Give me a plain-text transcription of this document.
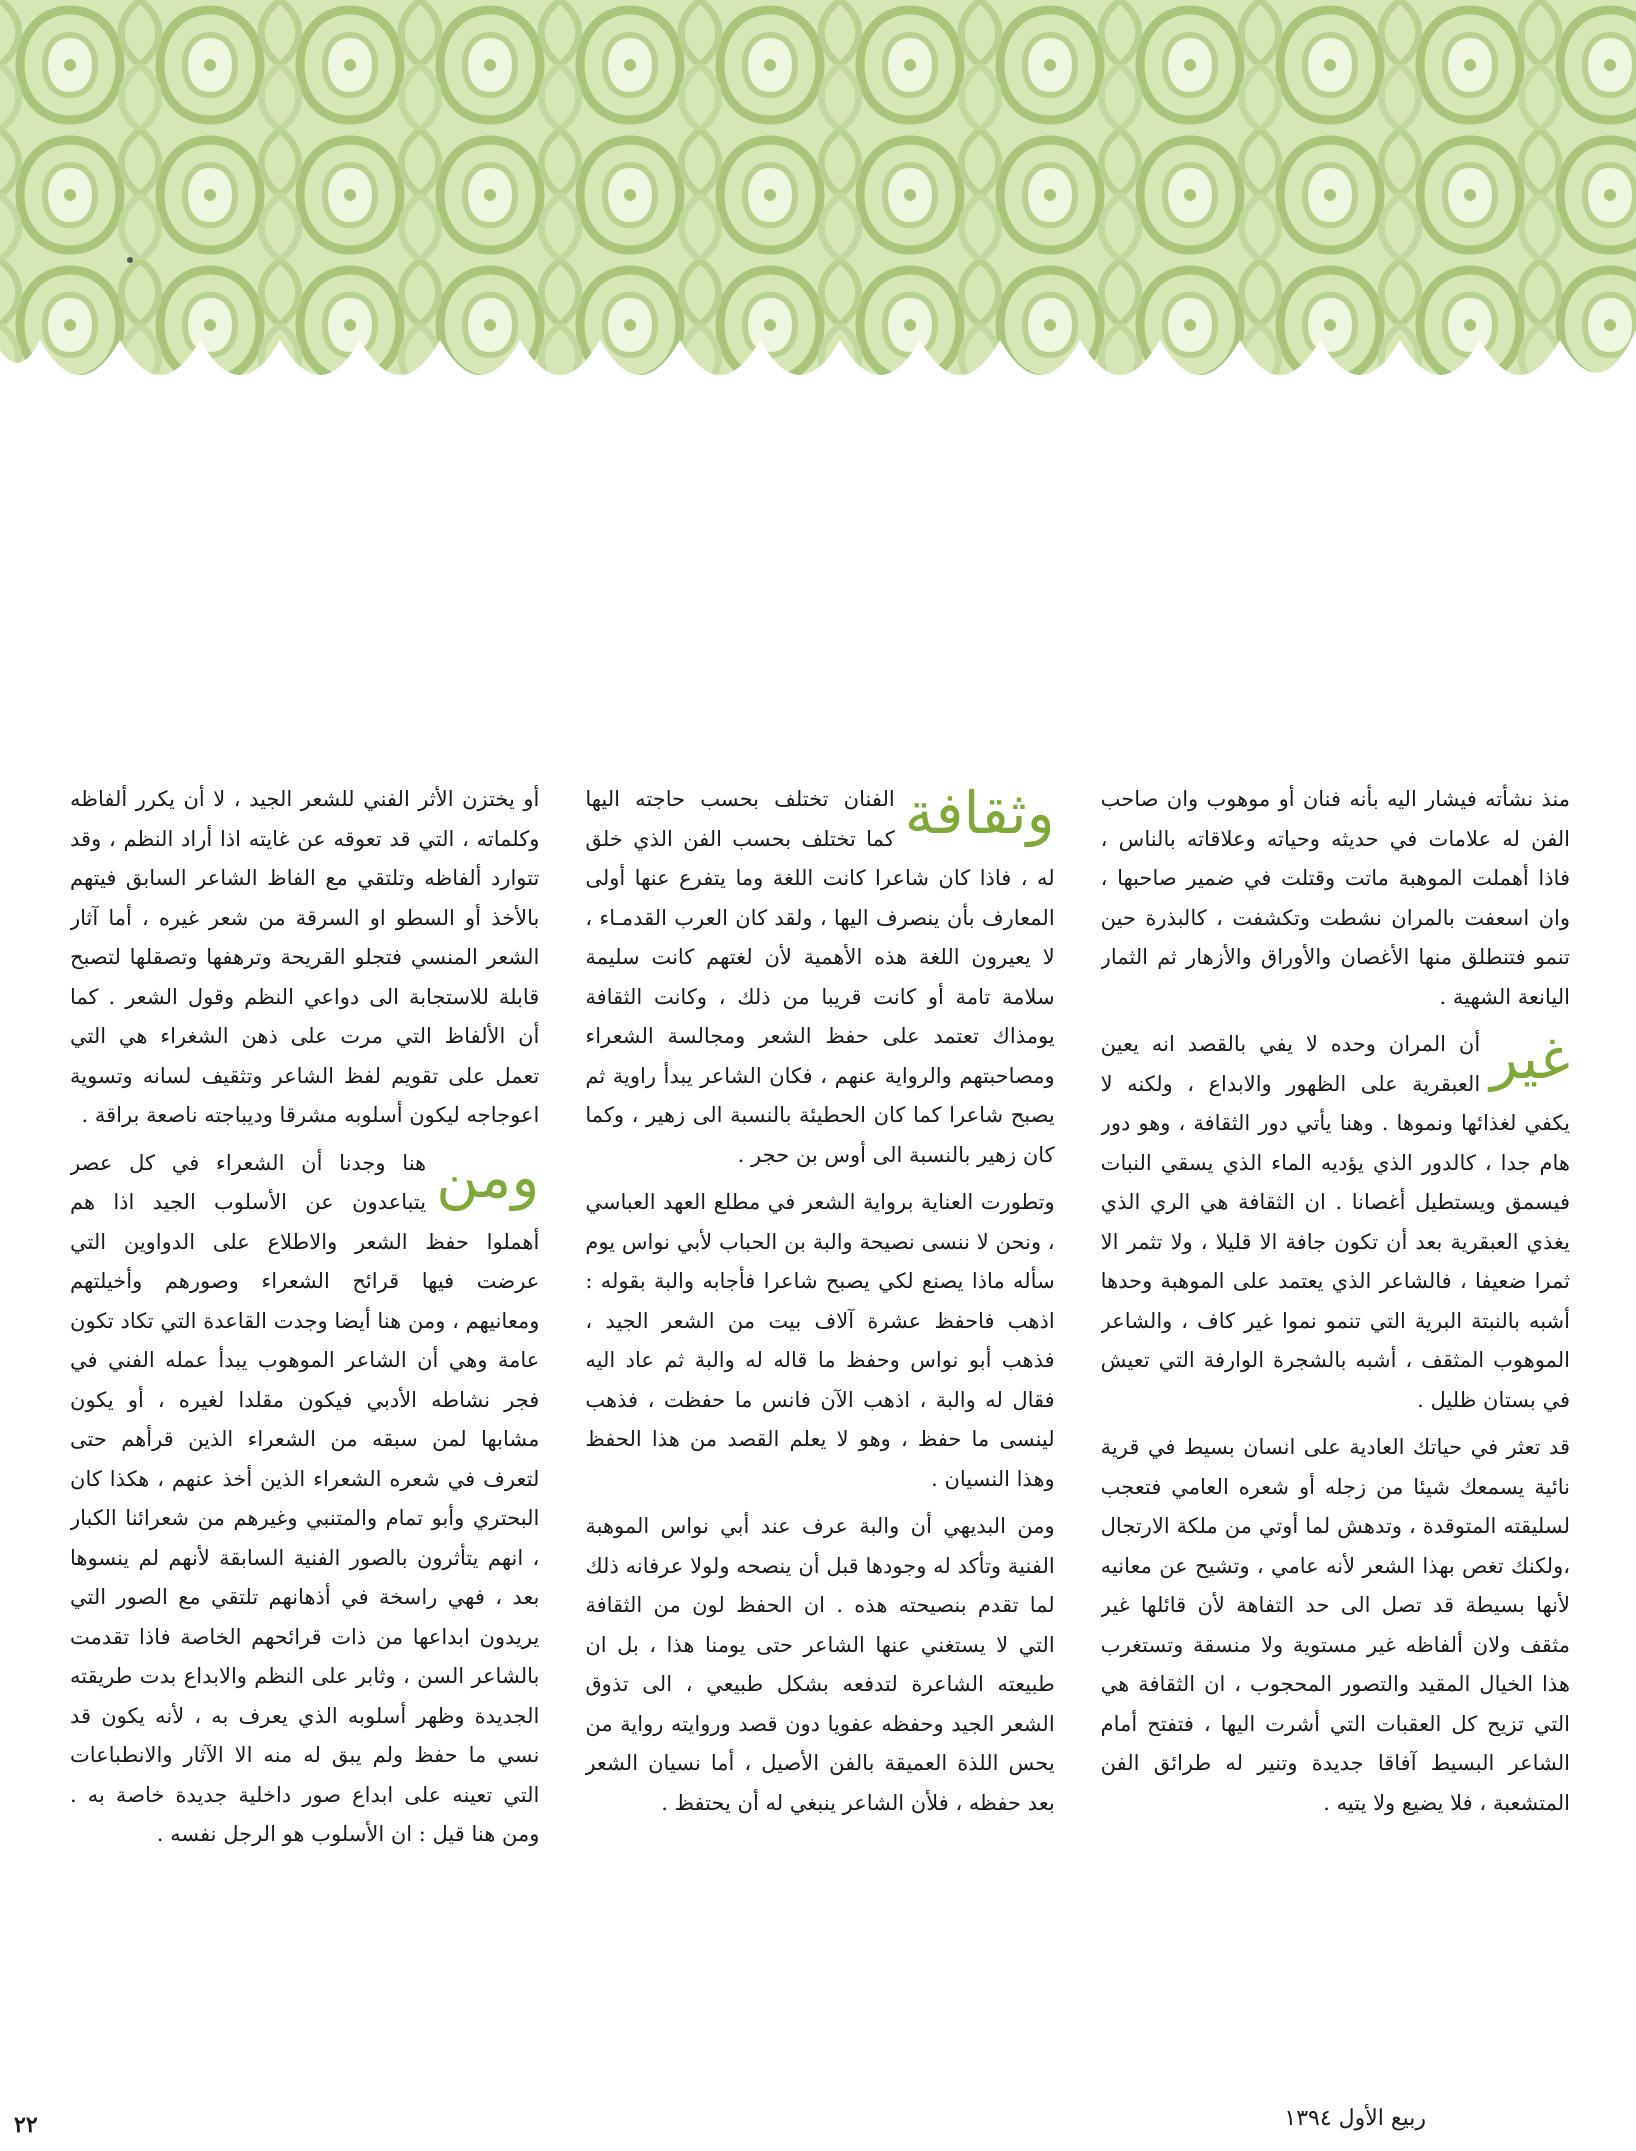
منذ نشأته فيشار اليه بأنه فنان أو موهوب وان صاحب الفن له علامات في حديثه وحياته وعلاقاته بالناس ، فاذا أهملت الموهبة ماتت وقتلت في ضمير صاحبها ، وان اسعفت بالمران نشطت وتكشفت ، كالبذرة حين تنمو فتنطلق منها الأغصان والأوراق والأزهار ثم الثمار اليانعة الشهية .

غير
أن المران وحده لا يفي بالقصد انه يعين العبقرية على الظهور والابداع ، ولكنه لا يكفي لغذائها ونموها . وهنا يأتي دور الثقافة ، وهو دور هام جدا ، كالدور الذي يؤديه الماء الذي يسقي النبات فيسمق ويستطيل أغصانا . ان الثقافة هي الري الذي يغذي العبقرية بعد أن تكون جافة الا قليلا ، ولا تثمر الا ثمرا ضعيفا ، فالشاعر الذي يعتمد على الموهبة وحدها أشبه بالنبتة البرية التي تنمو نموا غير كاف ، والشاعر الموهوب المثقف ، أشبه بالشجرة الوارفة التي تعيش في بستان ظليل .

قد تعثر في حياتك العادية على انسان بسيط في قرية نائية يسمعك شيئا من زجله أو شعره العامي فتعجب لسليقته المتوقدة ، وتدهش لما أوتي من ملكة الارتجال ،ولكنك تغص بهذا الشعر لأنه عامي ، وتشيح عن معانيه لأنها بسيطة قد تصل الى حد التفاهة لأن قائلها غير مثقف ولان ألفاظه غير مستوية ولا منسقة وتستغرب هذا الخيال المقيد والتصور المحجوب ، ان الثقافة هي التي تزيح كل العقبات التي أشرت اليها ، فتفتح أمام الشاعر البسيط آفاقا جديدة وتنير له طرائق الفن المتشعبة ، فلا يضيع ولا يتيه .

وثقافة
الفنان تختلف بحسب حاجته اليها كما تختلف بحسب الفن الذي خلق له ، فاذا كان شاعرا كانت اللغة وما يتفرع عنها أولى المعارف بأن ينصرف اليها ، ولقد كان العرب القدمـاء ، لا يعيرون اللغة هذه الأهمية لأن لغتهم كانت سليمة سلامة تامة أو كانت قريبا من ذلك ، وكانت الثقافة يومذاك تعتمد على حفظ الشعر ومجالسة الشعراء ومصاحبتهم والرواية عنهم ، فكان الشاعر يبدأ راوية ثم يصبح شاعرا كما كان الحطيئة بالنسبة الى زهير ، وكما كان زهير بالنسبة الى أوس بن حجر .

وتطورت العناية برواية الشعر في مطلع العهد العباسي ، ونحن لا ننسى نصيحة والبة بن الحباب لأبي نواس يوم سأله ماذا يصنع لكي يصبح شاعرا فأجابه والبة بقوله : اذهب فاحفظ عشرة آلاف بيت من الشعر الجيد ، فذهب أبو نواس وحفظ ما قاله له والبة ثم عاد اليه فقال له والبة ، اذهب الآن فانس ما حفظت ، فذهب لينسى ما حفظ ، وهو لا يعلم القصد من هذا الحفظ وهذا النسيان .

ومن البديهي أن والبة عرف عند أبي نواس الموهبة الفنية وتأكد له وجودها قبل أن ينصحه ولولا عرفانه ذلك لما تقدم بنصيحته هذه . ان الحفظ لون من الثقافة التي لا يستغني عنها الشاعر حتى يومنا هذا ، بل ان طبيعته الشاعرة لتدفعه بشكل طبيعي ، الى تذوق الشعر الجيد وحفظه عفويا دون قصد وروايته رواية من يحس اللذة العميقة بالفن الأصيل ، أما نسيان الشعر بعد حفظه ، فلأن الشاعر ينبغي له أن يحتفظ .

أو يختزن الأثر الفني للشعر الجيد ، لا أن يكرر ألفاظه وكلماته ، التي قد تعوقه عن غايته اذا أراد النظم ، وقد تتوارد ألفاظه وتلتقي مع الفاظ الشاعر السابق فيتهم بالأخذ أو السطو او السرقة من شعر غيره ، أما آثار الشعر المنسي فتجلو القريحة وترهفها وتصقلها لتصبح قابلة للاستجابة الى دواعي النظم وقول الشعر . كما أن الألفاظ التي مرت على ذهن الشغراء هي التي تعمل على تقويم لفظ الشاعر وتثقيف لسانه وتسوية اعوجاجه ليكون أسلوبه مشرقا وديباجته ناصعة براقة .

ومن
هنا وجدنا أن الشعراء في كل عصر يتباعدون عن الأسلوب الجيد اذا هم أهملوا حفظ الشعر والاطلاع على الدواوين التي عرضت فيها قرائح الشعراء وصورهم وأخيلتهم ومعانيهم ، ومن هنا أيضا وجدت القاعدة التي تكاد تكون عامة وهي أن الشاعر الموهوب يبدأ عمله الفني في فجر نشاطه الأدبي فيكون مقلدا لغيره ، أو يكون مشابها لمن سبقه من الشعراء الذين قرأهم حتى لتعرف في شعره الشعراء الذين أخذ عنهم ، هكذا كان البحتري وأبو تمام والمتنبي وغيرهم من شعرائنا الكبار ، انهم يتأثرون بالصور الفنية السابقة لأنهم لم ينسوها بعد ، فهي راسخة في أذهانهم تلتقي مع الصور التي يريدون ابداعها من ذات قرائحهم الخاصة فاذا تقدمت بالشاعر السن ، وثابر على النظم والابداع بدت طريقته الجديدة وظهر أسلوبه الذي يعرف به ، لأنه يكون قد نسي ما حفظ ولم يبق له منه الا الآثار والانطباعات التي تعينه على ابداع صور داخلية جديدة خاصة به . ومن هنا قيل : ان الأسلوب هو الرجل نفسه .

٢٢	ربيع الأول ١٣٩٤
